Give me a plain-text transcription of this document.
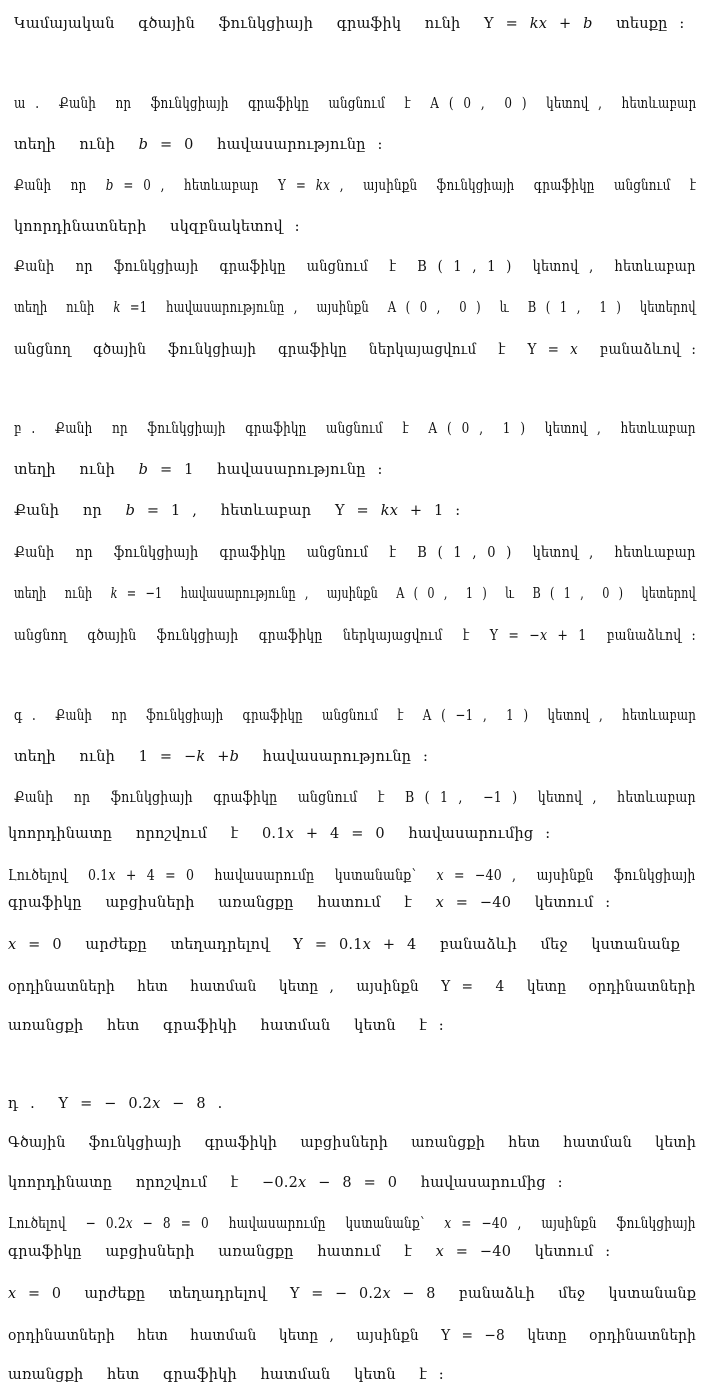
Կամայական  գծային  ֆունկցիայի  գրաֆիկ  ունի  Y = 𝑘𝑥 + 𝑏  տեսքը ։
ա .  Քանի  որ  ֆունկցիայի  գրաֆիկը  անցնում  է  A ( 0 ,  0 )  կետով ,  հետևաբար
տեղի  ունի  𝑏 = 0  հավասարությունը ։
Քանի  որ  𝑏 = 0 ,  հետևաբար  Y = 𝑘𝑥 ,  այսինքն  ֆունկցիայի  գրաֆիկը  անցնում  է
կոորդինատների  սկզբնակետով ։
Քանի  որ  ֆունկցիայի  գրաֆիկը  անցնում  է  B ( 1 , 1 )  կետով ,  հետևաբար
տեղի  ունի  𝑘 =1  հավասարությունը ,  այսինքն  A ( 0 ,  0 )  և  B ( 1 ,  1 )  կետերով
անցնող  գծային  ֆունկցիայի  գրաֆիկը  ներկայացվում  է  Y = 𝑥  բանաձևով ։
բ .  Քանի  որ  ֆունկցիայի  գրաֆիկը  անցնում  է  A ( 0 ,  1 )  կետով ,  հետևաբար
տեղի  ունի  𝑏 = 1  հավասարությունը ։
Քանի  որ  𝑏 = 1 ,  հետևաբար  Y = 𝑘𝑥 + 1 ։
Քանի  որ  ֆունկցիայի  գրաֆիկը  անցնում  է  B ( 1 , 0 )  կետով ,  հետևաբար
տեղի  ունի  𝑘 = −1  հավասարությունը ,  այսինքն  A ( 0 ,  1 )  և  B ( 1 ,  0 )  կետերով
անցնող  գծային  ֆունկցիայի  գրաֆիկը  ներկայացվում  է  Y = −𝑥 + 1  բանաձևով ։
գ .  Քանի  որ  ֆունկցիայի  գրաֆիկը  անցնում  է  A ( −1 ,  1 )  կետով ,  հետևաբար
տեղի  ունի  1 = −𝑘 +𝑏  հավասարությունը ։
Քանի  որ  ֆունկցիայի  գրաֆիկը  անցնում  է  B ( 1 ,  −1 )  կետով ,  հետևաբար
կոորդինատը  որոշվում  է  0.1𝑥 + 4 = 0  հավասարումից ։
Լուծելով  0.1𝑥 + 4 = 0  հավասարումը  կստանանք՝  𝑥 = −40 ,  այսինքն  ֆունկցիայի
գրաֆիկը  աբցիսների  առանցքը  հատում  է  𝑥 = −40  կետում ։
𝑥 = 0  արժեքը  տեղադրելով  Y = 0.1𝑥 + 4  բանաձևի  մեջ  կստանանք
օրդինատների  հետ  հատման  կետը ,  այսինքն  Y =  4  կետը  օրդինատների
առանցքի  հետ  գրաֆիկի  հատման  կետն  է ։
դ .  Y = − 0.2𝑥 − 8 .
Գծային  ֆունկցիայի  գրաֆիկի  աբցիսների  առանցքի  հետ  հատման  կետի
կոորդինատը  որոշվում  է  −0.2𝑥 − 8 = 0  հավասարումից ։
Լուծելով  − 0.2𝑥 − 8 = 0  հավասարումը  կստանանք՝  𝑥 = −40 ,  այսինքն  ֆունկցիայի
գրաֆիկը  աբցիսների  առանցքը  հատում  է  𝑥 = −40  կետում ։
𝑥 = 0  արժեքը  տեղադրելով  Y = − 0.2𝑥 − 8  բանաձևի  մեջ  կստանանք
օրդինատների  հետ  հատման  կետը ,  այսինքն  Y = −8  կետը  օրդինատների
առանցքի  հետ  գրաֆիկի  հատման  կետն  է ։
